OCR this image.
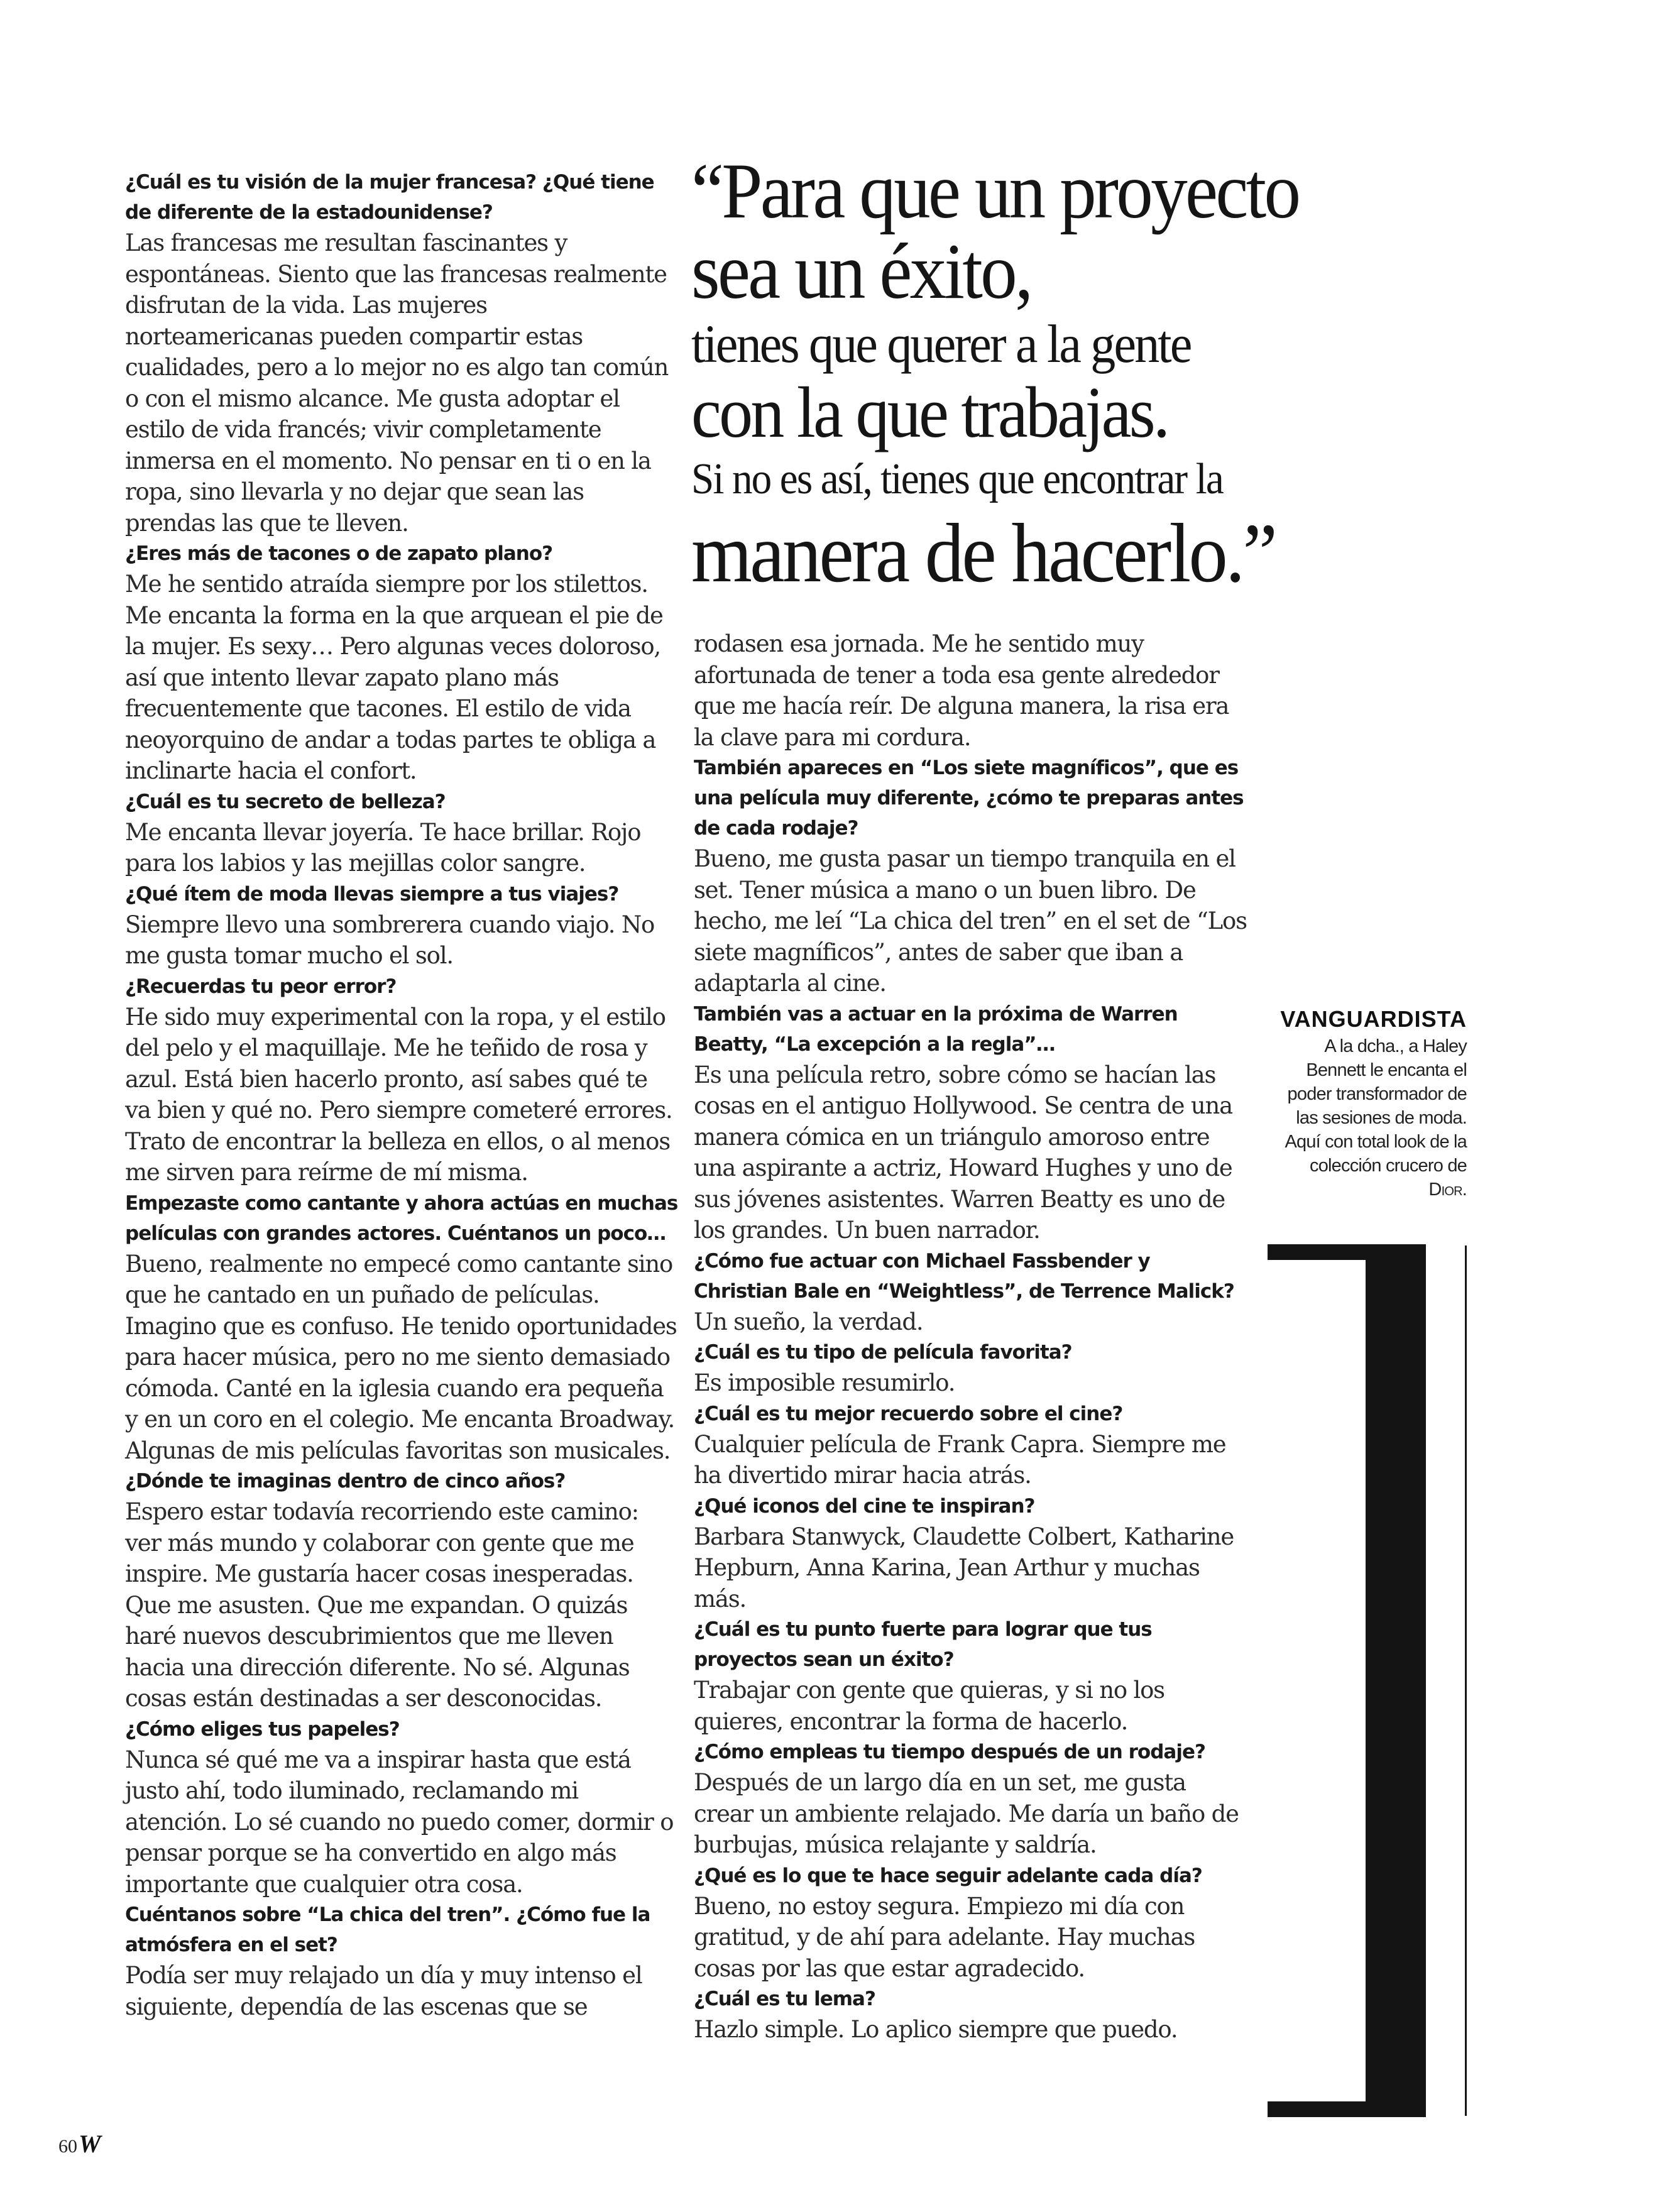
¿Cuál es tu visión de la mujer francesa? ¿Qué tiene de diferente de la estadounidense?

Las francesas me resultan fascinantes y espontáneas. Siento que las francesas realmente disfrutan de la vida. Las mujeres norteamericanas pueden compartir estas cualidades, pero a lo mejor no es algo tan común o con el mismo alcance. Me gusta adoptar el estilo de vida francés; vivir completamente inmersa en el momento. No pensar en ti o en la ropa, sino llevarla y no dejar que sean las prendas las que te lleven.

¿Eres más de tacones o de zapato plano?

Me he sentido atraída siempre por los stilettos. Me encanta la forma en la que arquean el pie de la mujer. Es sexy… Pero algunas veces doloroso, así que intento llevar zapato plano más frecuentemente que tacones. El estilo de vida neoyorquino de andar a todas partes te obliga a inclinarte hacia el confort.

¿Cuál es tu secreto de belleza?

Me encanta llevar joyería. Te hace brillar. Rojo para los labios y las mejillas color sangre.

¿Qué ítem de moda llevas siempre a tus viajes?

Siempre llevo una sombrerera cuando viajo. No me gusta tomar mucho el sol.

¿Recuerdas tu peor error?

He sido muy experimental con la ropa, y el estilo del pelo y el maquillaje. Me he teñido de rosa y azul. Está bien hacerlo pronto, así sabes qué te va bien y qué no. Pero siempre cometeré errores. Trato de encontrar la belleza en ellos, o al menos me sirven para reírme de mí misma.

Empezaste como cantante y ahora actúas en muchas películas con grandes actores. Cuéntanos un poco…

Bueno, realmente no empecé como cantante sino que he cantado en un puñado de películas. Imagino que es confuso. He tenido oportunidades para hacer música, pero no me siento demasiado cómoda. Canté en la iglesia cuando era pequeña y en un coro en el colegio. Me encanta Broadway. Algunas de mis películas favoritas son musicales.

¿Dónde te imaginas dentro de cinco años?

Espero estar todavía recorriendo este camino: ver más mundo y colaborar con gente que me inspire. Me gustaría hacer cosas inesperadas. Que me asusten. Que me expandan. O quizás haré nuevos descubrimientos que me lleven hacia una dirección diferente. No sé. Algunas cosas están destinadas a ser desconocidas.

¿Cómo eliges tus papeles?

Nunca sé qué me va a inspirar hasta que está justo ahí, todo iluminado, reclamando mi atención. Lo sé cuando no puedo comer, dormir o pensar porque se ha convertido en algo más importante que cualquier otra cosa.

Cuéntanos sobre “La chica del tren”. ¿Cómo fue la atmósfera en el set?

Podía ser muy relajado un día y muy intenso el siguiente, dependía de las escenas que se

“Para que un proyecto
sea un éxito,
tienes que querer a la gente
con la que trabajas.
Si no es así, tienes que encontrar la
manera de hacerlo.”

rodasen esa jornada. Me he sentido muy afortunada de tener a toda esa gente alrededor que me hacía reír. De alguna manera, la risa era la clave para mi cordura.

También apareces en “Los siete magníficos”, que es una película muy diferente, ¿cómo te preparas antes de cada rodaje?

Bueno, me gusta pasar un tiempo tranquila en el set. Tener música a mano o un buen libro. De hecho, me leí “La chica del tren” en el set de “Los siete magníficos”, antes de saber que iban a adaptarla al cine.

También vas a actuar en la próxima de Warren Beatty, “La excepción a la regla”…

Es una película retro, sobre cómo se hacían las cosas en el antiguo Hollywood. Se centra de una manera cómica en un triángulo amoroso entre una aspirante a actriz, Howard Hughes y uno de sus jóvenes asistentes. Warren Beatty es uno de los grandes. Un buen narrador.

¿Cómo fue actuar con Michael Fassbender y Christian Bale en “Weightless”, de Terrence Malick?

Un sueño, la verdad.

¿Cuál es tu tipo de película favorita?

Es imposible resumirlo.

¿Cuál es tu mejor recuerdo sobre el cine?

Cualquier película de Frank Capra. Siempre me ha divertido mirar hacia atrás.

¿Qué iconos del cine te inspiran?

Barbara Stanwyck, Claudette Colbert, Katharine Hepburn, Anna Karina, Jean Arthur y muchas más.

¿Cuál es tu punto fuerte para lograr que tus proyectos sean un éxito?

Trabajar con gente que quieras, y si no los quieres, encontrar la forma de hacerlo.

¿Cómo empleas tu tiempo después de un rodaje?

Después de un largo día en un set, me gusta crear un ambiente relajado. Me daría un baño de burbujas, música relajante y saldría.

¿Qué es lo que te hace seguir adelante cada día?

Bueno, no estoy segura. Empiezo mi día con gratitud, y de ahí para adelante. Hay muchas cosas por las que estar agradecido.

¿Cuál es tu lema?

Hazlo simple. Lo aplico siempre que puedo.

VANGUARDISTA
A la dcha., a Haley Bennett le encanta el poder transformador de las sesiones de moda. Aquí con total look de la colección crucero de Dior.
60W
